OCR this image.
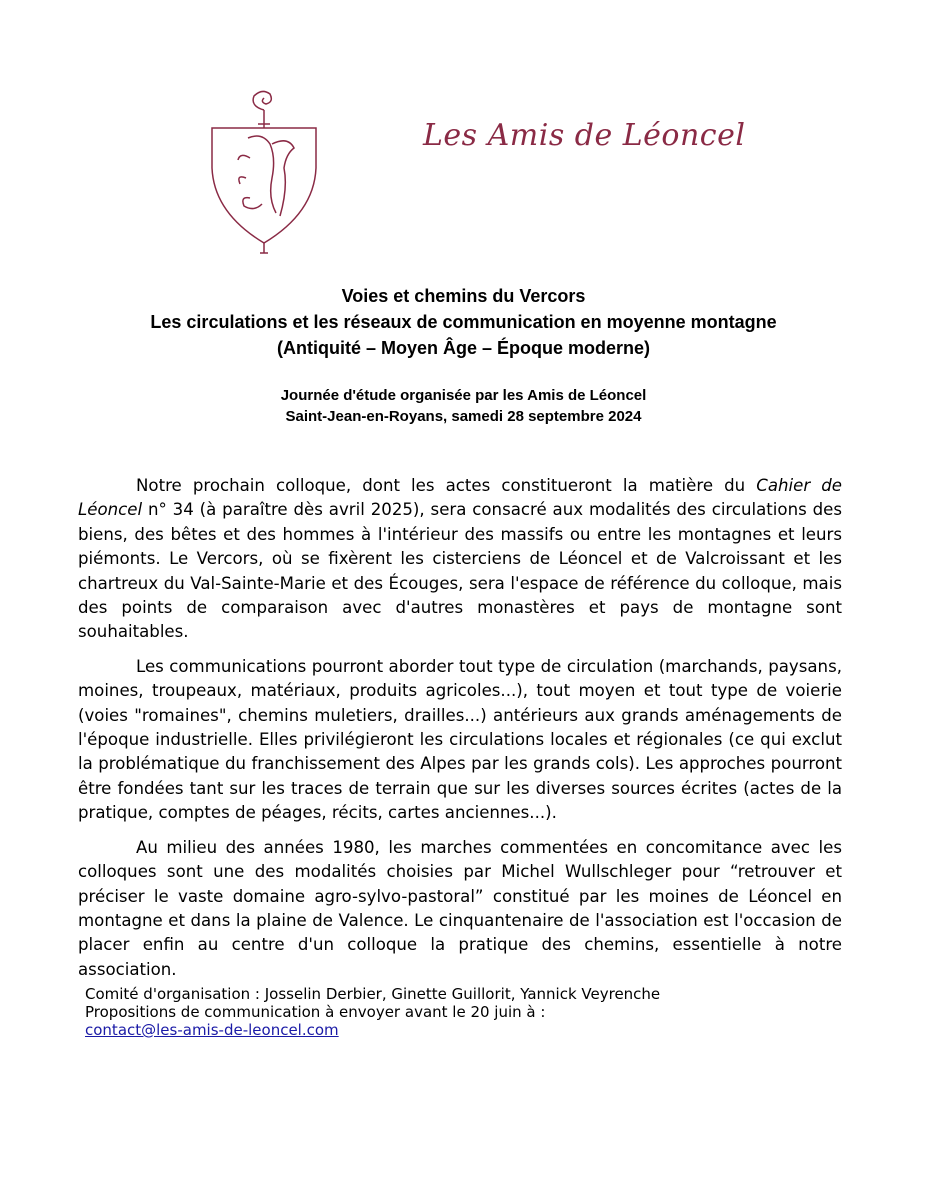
Les Amis de Léoncel
Voies et chemins du Vercors
Les circulations et les réseaux de communication en moyenne montagne
(Antiquité – Moyen Âge – Époque moderne)
Journée d'étude organisée par les Amis de Léoncel
Saint-Jean-en-Royans, samedi 28 septembre 2024

Notre prochain colloque, dont les actes constitueront la matière du Cahier de Léoncel n° 34 (à paraître dès avril 2025), sera consacré aux modalités des circulations des biens, des bêtes et des hommes à l'intérieur des massifs ou entre les montagnes et leurs piémonts. Le Vercors, où se fixèrent les cisterciens de Léoncel et de Valcroissant et les chartreux du Val-Sainte-Marie et des Écouges, sera l'espace de référence du colloque, mais des points de comparaison avec d'autres monastères et pays de montagne sont souhaitables.

Les communications pourront aborder tout type de circulation (marchands, paysans, moines, troupeaux, matériaux, produits agricoles...), tout moyen et tout type de voierie (voies "romaines", chemins muletiers, drailles...) antérieurs aux grands aménagements de l'époque industrielle. Elles privilégieront les circulations locales et régionales (ce qui exclut la problématique du franchissement des Alpes par les grands cols). Les approches pourront être fondées tant sur les traces de terrain que sur les diverses sources écrites (actes de la pratique, comptes de péages, récits, cartes anciennes...).

Au milieu des années 1980, les marches commentées en concomitance avec les colloques sont une des modalités choisies par Michel Wullschleger pour “retrouver et préciser le vaste domaine agro-sylvo-pastoral” constitué par les moines de Léoncel en montagne et dans la plaine de Valence. Le cinquantenaire de l'association est l'occasion de placer enfin au centre d'un colloque la pratique des chemins, essentielle à notre association.

Comité d'organisation : Josselin Derbier, Ginette Guillorit, Yannick Veyrenche
Propositions de communication à envoyer avant le 20 juin à :
contact@les-amis-de-leoncel.com
